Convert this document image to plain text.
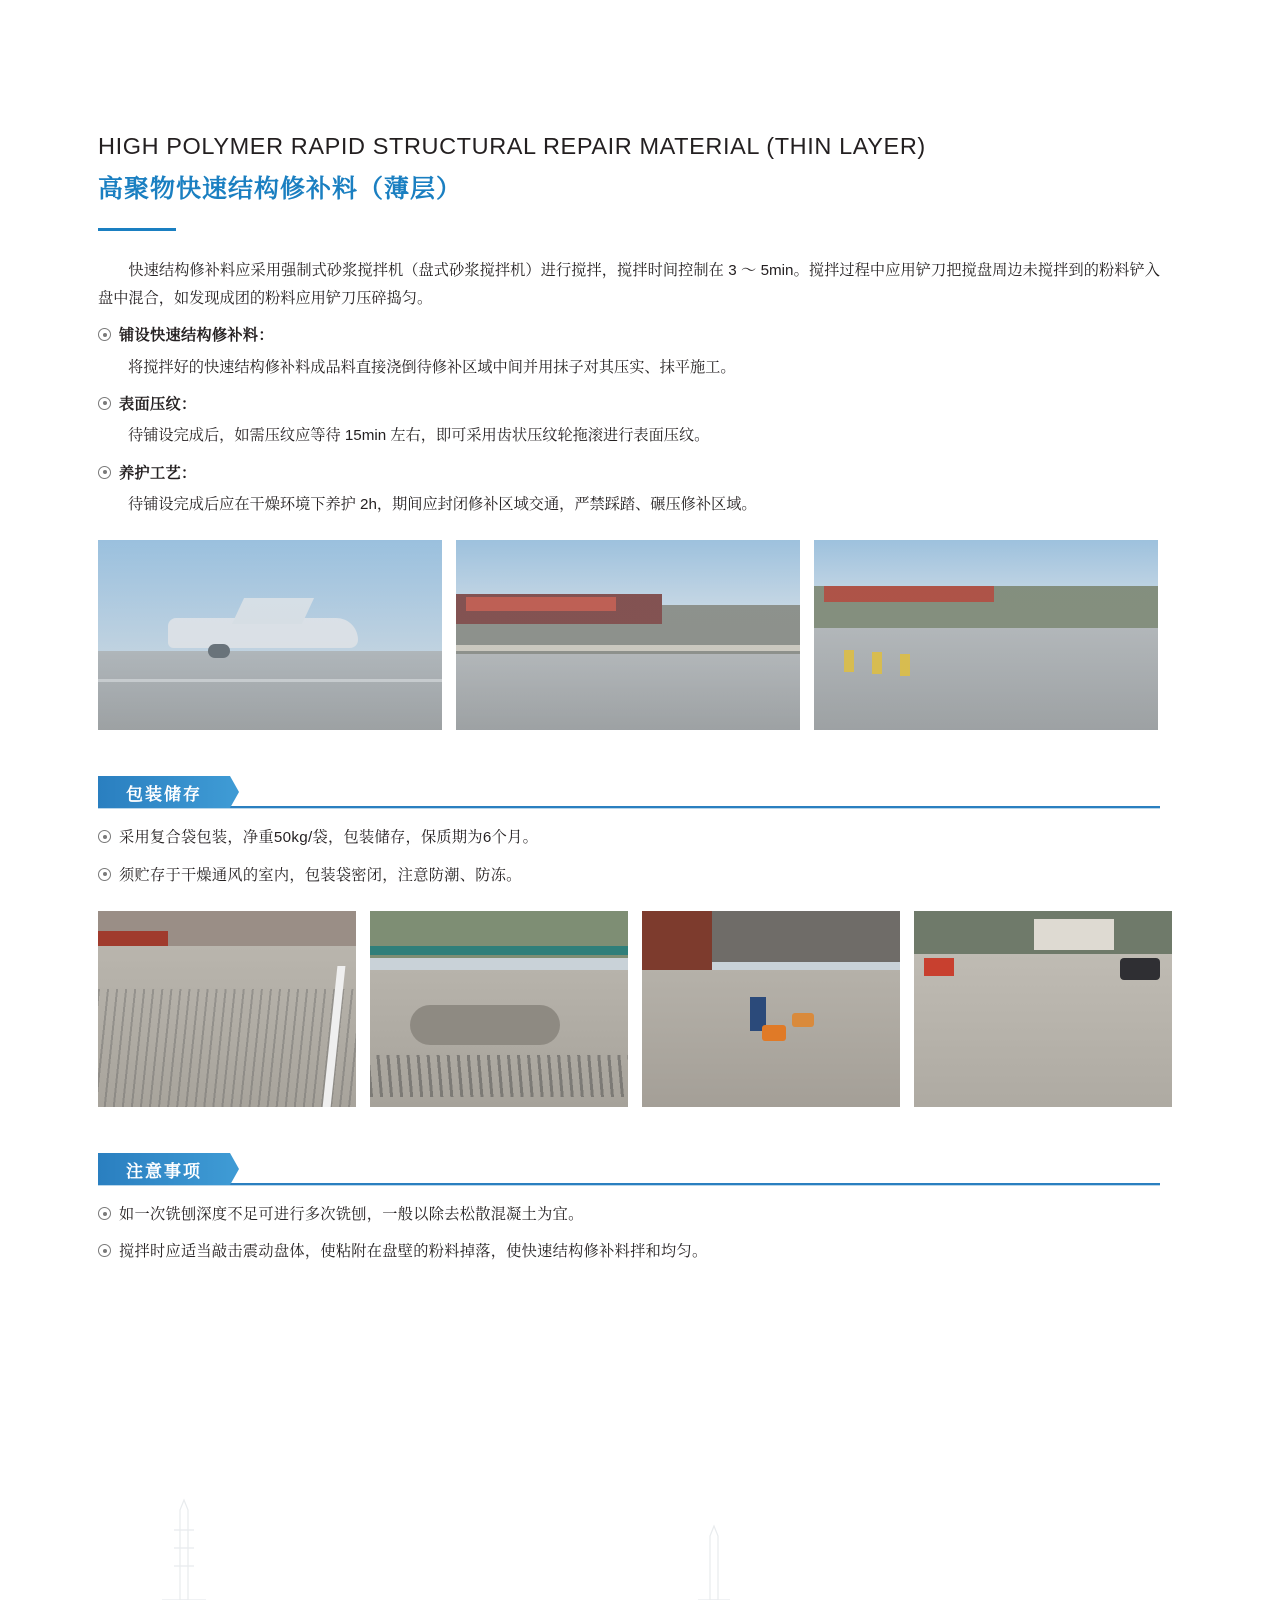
HIGH POLYMER RAPID STRUCTURAL REPAIR MATERIAL (THIN LAYER)
高聚物快速结构修补料（薄层）
快速结构修补料应采用强制式砂浆搅拌机（盘式砂浆搅拌机）进行搅拌，搅拌时间控制在 3 ～ 5min。搅拌过程中应用铲刀把搅盘周边未搅拌到的粉料铲入盘中混合，如发现成团的粉料应用铲刀压碎捣匀。
铺设快速结构修补料：
将搅拌好的快速结构修补料成品料直接浇倒待修补区域中间并用抹子对其压实、抹平施工。
表面压纹：
待铺设完成后，如需压纹应等待 15min 左右，即可采用齿状压纹轮拖滚进行表面压纹。
养护工艺：
待铺设完成后应在干燥环境下养护 2h，期间应封闭修补区域交通，严禁踩踏、碾压修补区域。
包装储存
采用复合袋包装，净重50kg/袋，包装储存，保质期为6个月。
须贮存于干燥通风的室内，包装袋密闭，注意防潮、防冻。
注意事项
如一次铣刨深度不足可进行多次铣刨，一般以除去松散混凝土为宜。
搅拌时应适当敲击震动盘体，使粘附在盘壁的粉料掉落，使快速结构修补料拌和均匀。
